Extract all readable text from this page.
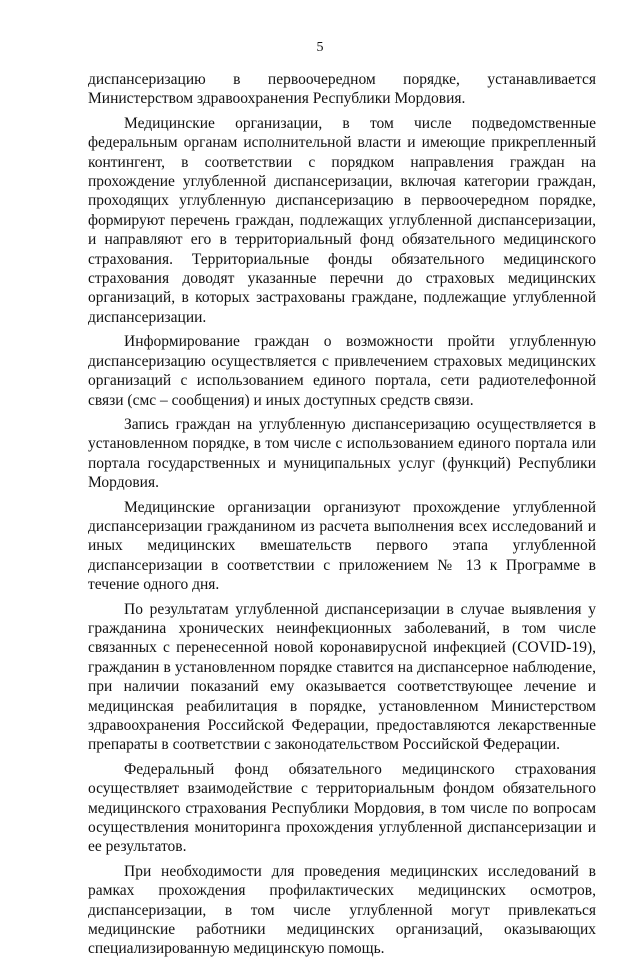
5

диспансеризацию в первоочередном порядке, устанавливается Министерством здравоохранения Республики Мордовия.

Медицинские организации, в том числе подведомственные федеральным органам исполнительной власти и имеющие прикрепленный контингент, в соответствии с порядком направления граждан на прохождение углубленной диспансеризации, включая категории граждан, проходящих углубленную диспансеризацию в первоочередном порядке, формируют перечень граждан, подлежащих углубленной диспансеризации, и направляют его в территориальный фонд обязательного медицинского страхования. Территориальные фонды обязательного медицинского страхования доводят указанные перечни до страховых медицинских организаций, в которых застрахованы граждане, подлежащие углубленной диспансеризации.

Информирование граждан о возможности пройти углубленную диспансеризацию осуществляется с привлечением страховых медицинских организаций с использованием единого портала, сети радиотелефонной связи (смс – сообщения) и иных доступных средств связи.

Запись граждан на углубленную диспансеризацию осуществляется в установленном порядке, в том числе с использованием единого портала или портала государственных и муниципальных услуг (функций) Республики Мордовия.

Медицинские организации организуют прохождение углубленной диспансеризации гражданином из расчета выполнения всех исследований и иных медицинских вмешательств первого этапа углубленной диспансеризации в соответствии с приложением № 13 к Программе в течение одного дня.

По результатам углубленной диспансеризации в случае выявления у гражданина хронических неинфекционных заболеваний, в том числе связанных с перенесенной новой коронавирусной инфекцией (COVID-19), гражданин в установленном порядке ставится на диспансерное наблюдение, при наличии показаний ему оказывается соответствующее лечение и медицинская реабилитация в порядке, установленном Министерством здравоохранения Российской Федерации, предоставляются лекарственные препараты в соответствии с законодательством Российской Федерации.

Федеральный фонд обязательного медицинского страхования осуществляет взаимодействие с территориальным фондом обязательного медицинского страхования Республики Мордовия, в том числе по вопросам осуществления мониторинга прохождения углубленной диспансеризации и ее результатов.

При необходимости для проведения медицинских исследований в рамках прохождения профилактических медицинских осмотров, диспансеризации, в том числе углубленной могут привлекаться медицинские работники медицинских организаций, оказывающих специализированную медицинскую помощь.
